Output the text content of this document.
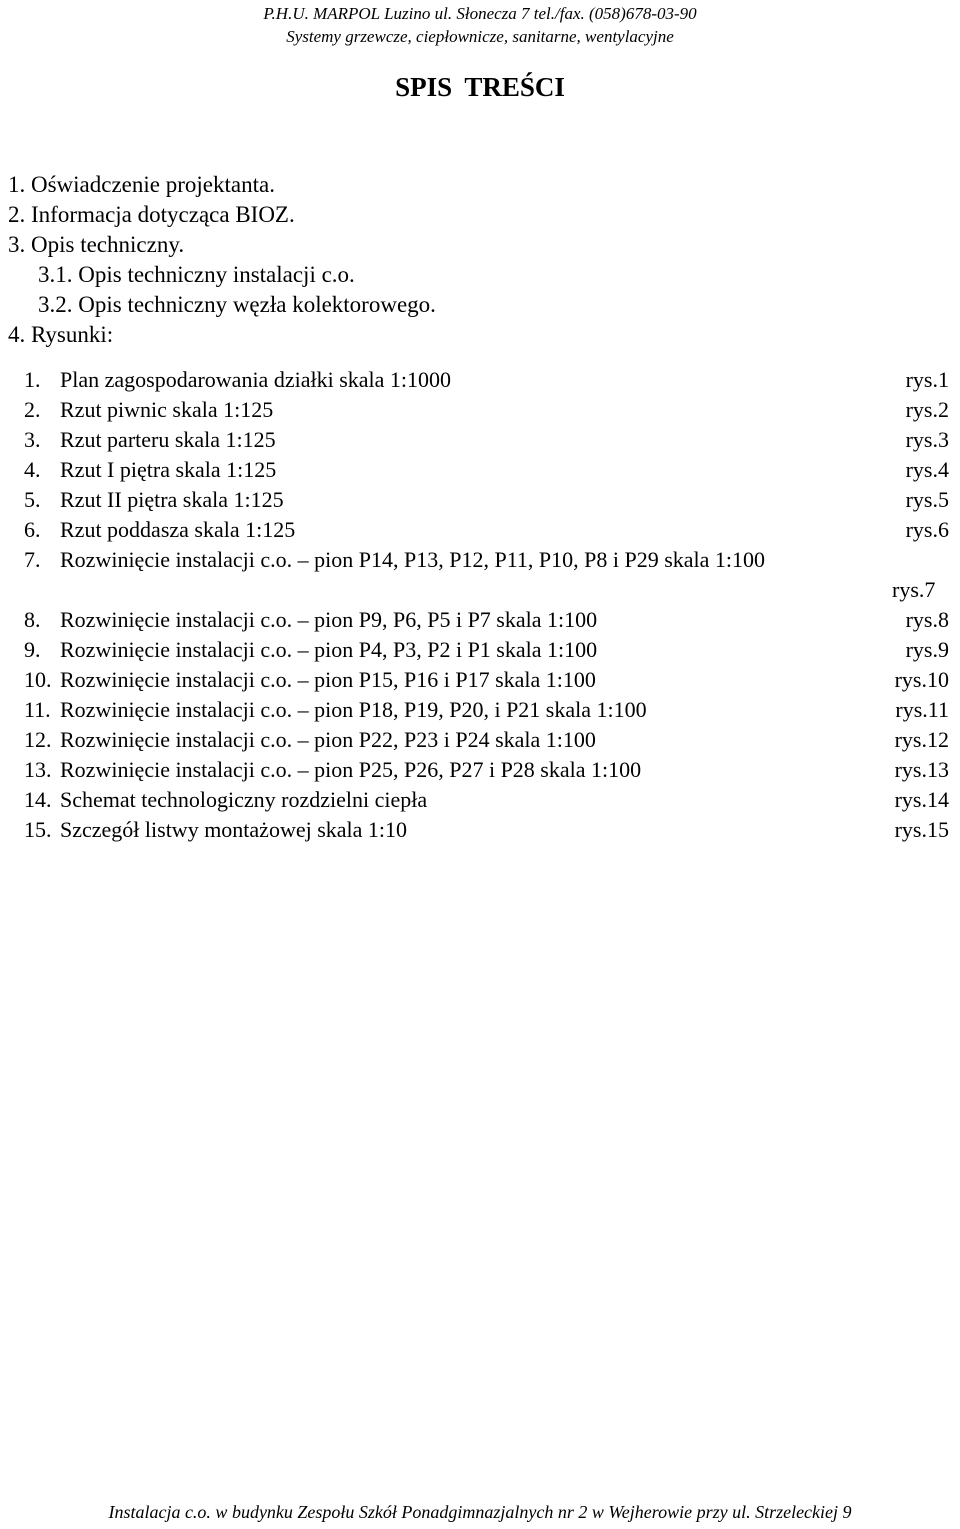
P.H.U. MARPOL Luzino ul. Słonecza 7 tel./fax. (058)678-03-90
Systemy grzewcze, ciepłownicze, sanitarne, wentylacyjne
SPIS TREŚCI
1. Oświadczenie projektanta.
2. Informacja dotycząca BIOZ.
3. Opis techniczny.
3.1. Opis techniczny instalacji c.o.
3.2. Opis techniczny węzła kolektorowego.
4. Rysunki:
1. Plan zagospodarowania działki skala 1:1000	rys.1
2. Rzut piwnic skala 1:125	rys.2
3. Rzut parteru skala 1:125	rys.3
4. Rzut I piętra skala 1:125	rys.4
5. Rzut II piętra skala 1:125	rys.5
6. Rzut poddasza skala 1:125	rys.6
7. Rozwinięcie instalacji c.o. – pion P14, P13, P12, P11, P10, P8 i P29 skala 1:100
rys.7
8. Rozwinięcie instalacji c.o. – pion P9, P6, P5 i P7 skala 1:100	rys.8
9. Rozwinięcie instalacji c.o. – pion P4, P3, P2 i P1 skala 1:100	rys.9
10. Rozwinięcie instalacji c.o. – pion P15, P16 i P17 skala 1:100	rys.10
11. Rozwinięcie instalacji c.o. – pion P18, P19, P20, i P21 skala 1:100	rys.11
12. Rozwinięcie instalacji c.o. – pion P22, P23 i P24 skala 1:100	rys.12
13. Rozwinięcie instalacji c.o. – pion P25, P26, P27 i P28 skala 1:100	rys.13
14. Schemat technologiczny rozdzielni ciepła	rys.14
15. Szczegół listwy montażowej skala 1:10	rys.15
Instalacja c.o. w budynku Zespołu Szkół Ponadgimnazjalnych nr 2 w Wejherowie przy ul. Strzeleckiej 9
